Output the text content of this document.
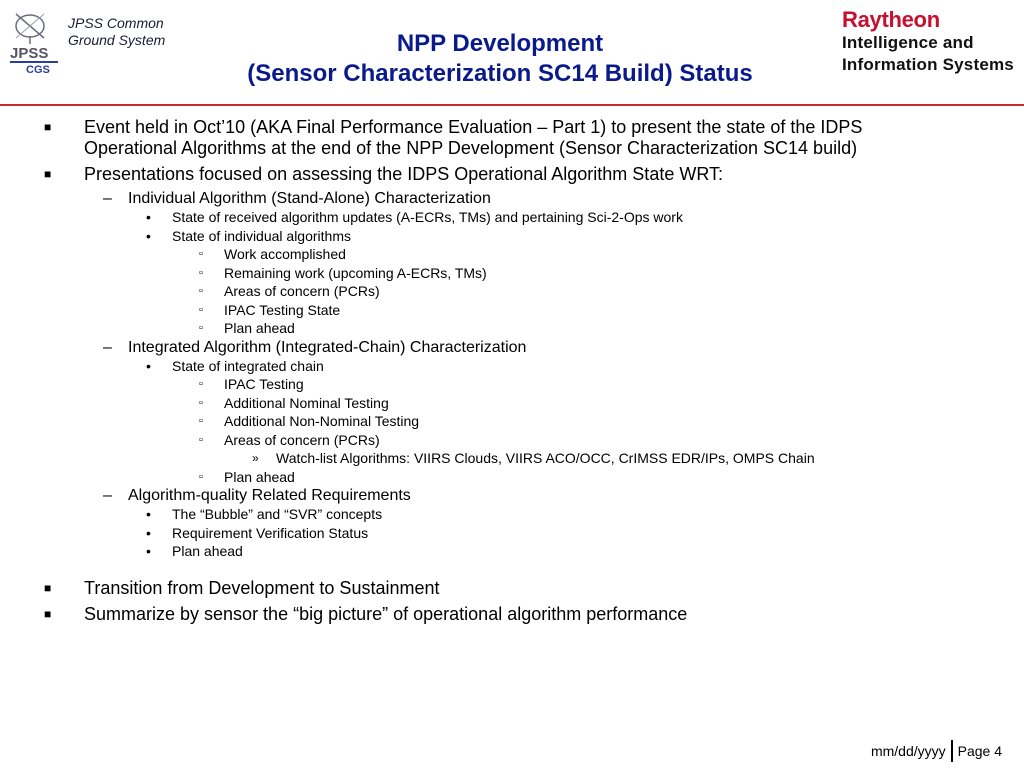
JPSS
CGS
JPSS Common
Ground System	NPP Development
(Sensor Characterization SC14 Build) Status
Raytheon
Intelligence and
Information Systems
■ Event held in Oct’10 (AKA Final Performance Evaluation – Part 1) to present the state of the IDPS Operational Algorithms at the end of the NPP Development (Sensor Characterization SC14 build)
■ Presentations focused on assessing the IDPS Operational Algorithm State WRT:
– Individual Algorithm (Stand-Alone) Characterization
• State of received algorithm updates (A-ECRs, TMs) and pertaining Sci-2-Ops work
• State of individual algorithms
▫ Work accomplished
▫ Remaining work (upcoming A-ECRs, TMs)
▫ Areas of concern (PCRs)
▫ IPAC Testing State
▫ Plan ahead
– Integrated Algorithm (Integrated-Chain) Characterization
• State of integrated chain
▫ IPAC Testing
▫ Additional Nominal Testing
▫ Additional Non-Nominal Testing
▫ Areas of concern (PCRs)
» Watch-list Algorithms: VIIRS Clouds, VIIRS ACO/OCC, CrIMSS EDR/IPs, OMPS Chain
▫ Plan ahead
– Algorithm-quality Related Requirements
• The “Bubble” and “SVR” concepts
• Requirement Verification Status
• Plan ahead
■ Transition from Development to Sustainment
■ Summarize by sensor the “big picture” of operational algorithm performance
mm/dd/yyyy Page 4
